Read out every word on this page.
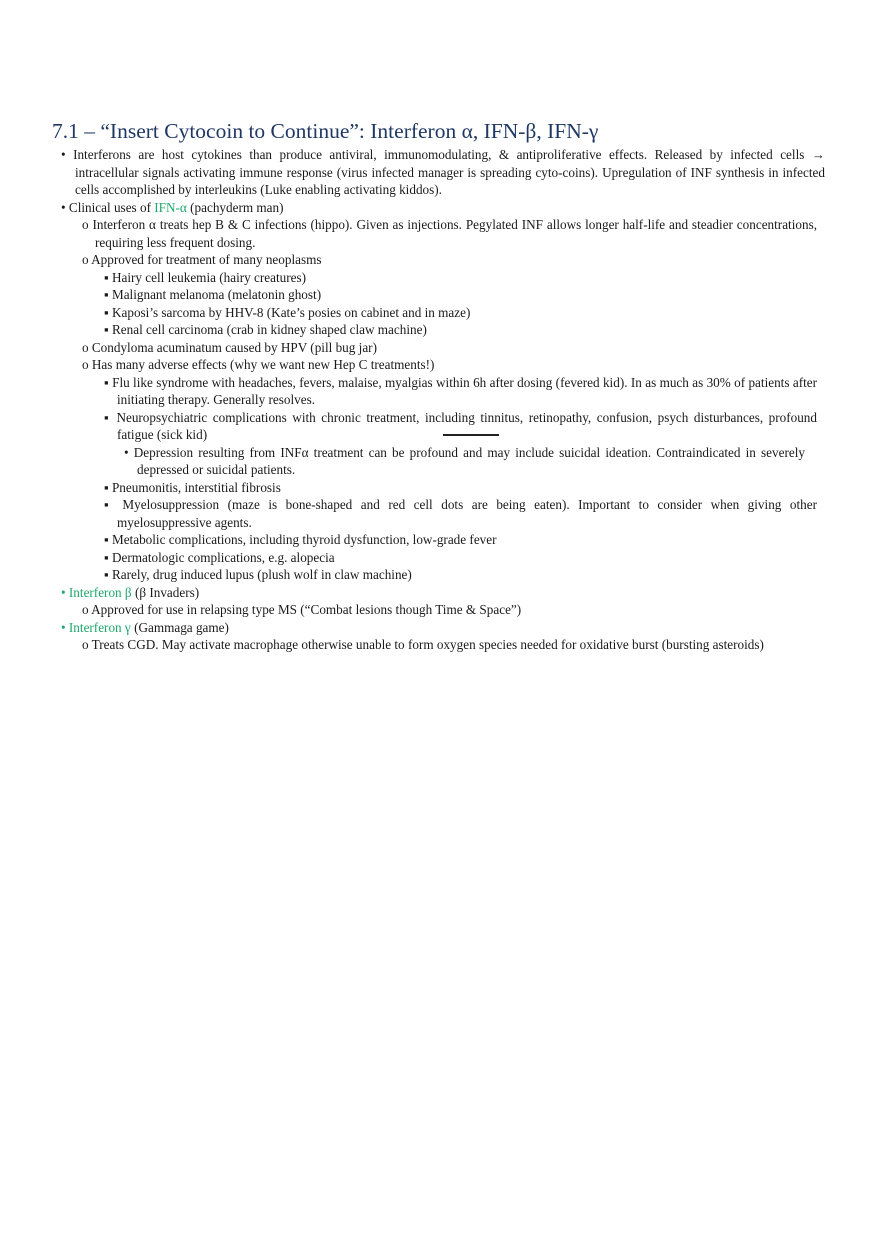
7.1 – “Insert Cytocoin to Continue”: Interferon α, IFN-β, IFN-γ
• Interferons are host cytokines than produce antiviral, immunomodulating, & antiproliferative effects. Released by infected cells → intracellular signals activating immune response (virus infected manager is spreading cyto-coins). Upregulation of INF synthesis in infected cells accomplished by interleukins (Luke enabling activating kiddos).
• Clinical uses of IFN-α (pachyderm man)
o Interferon α treats hep B & C infections (hippo). Given as injections. Pegylated INF allows longer half-life and steadier concentrations, requiring less frequent dosing.
o Approved for treatment of many neoplasms
▪ Hairy cell leukemia (hairy creatures)
▪ Malignant melanoma (melatonin ghost)
▪ Kaposi’s sarcoma by HHV-8 (Kate’s posies on cabinet and in maze)
▪ Renal cell carcinoma (crab in kidney shaped claw machine)
o Condyloma acuminatum caused by HPV (pill bug jar)
o Has many adverse effects (why we want new Hep C treatments!)
▪ Flu like syndrome with headaches, fevers, malaise, myalgias within 6h after dosing (fevered kid). In as much as 30% of patients after initiating therapy. Generally resolves.
▪ Neuropsychiatric complications with chronic treatment, including tinnitus, retinopathy, confusion, psych disturbances, profound fatigue (sick kid)
• Depression resulting from INFα treatment can be profound and may include suicidal ideation. Contraindicated in severely depressed or suicidal patients.
▪ Pneumonitis, interstitial fibrosis
▪ Myelosuppression (maze is bone-shaped and red cell dots are being eaten). Important to consider when giving other myelosuppressive agents.
▪ Metabolic complications, including thyroid dysfunction, low-grade fever
▪ Dermatologic complications, e.g. alopecia
▪ Rarely, drug induced lupus (plush wolf in claw machine)
• Interferon β (β Invaders)
o Approved for use in relapsing type MS (“Combat lesions though Time & Space”)
• Interferon γ (Gammaga game)
o Treats CGD. May activate macrophage otherwise unable to form oxygen species needed for oxidative burst (bursting asteroids)
